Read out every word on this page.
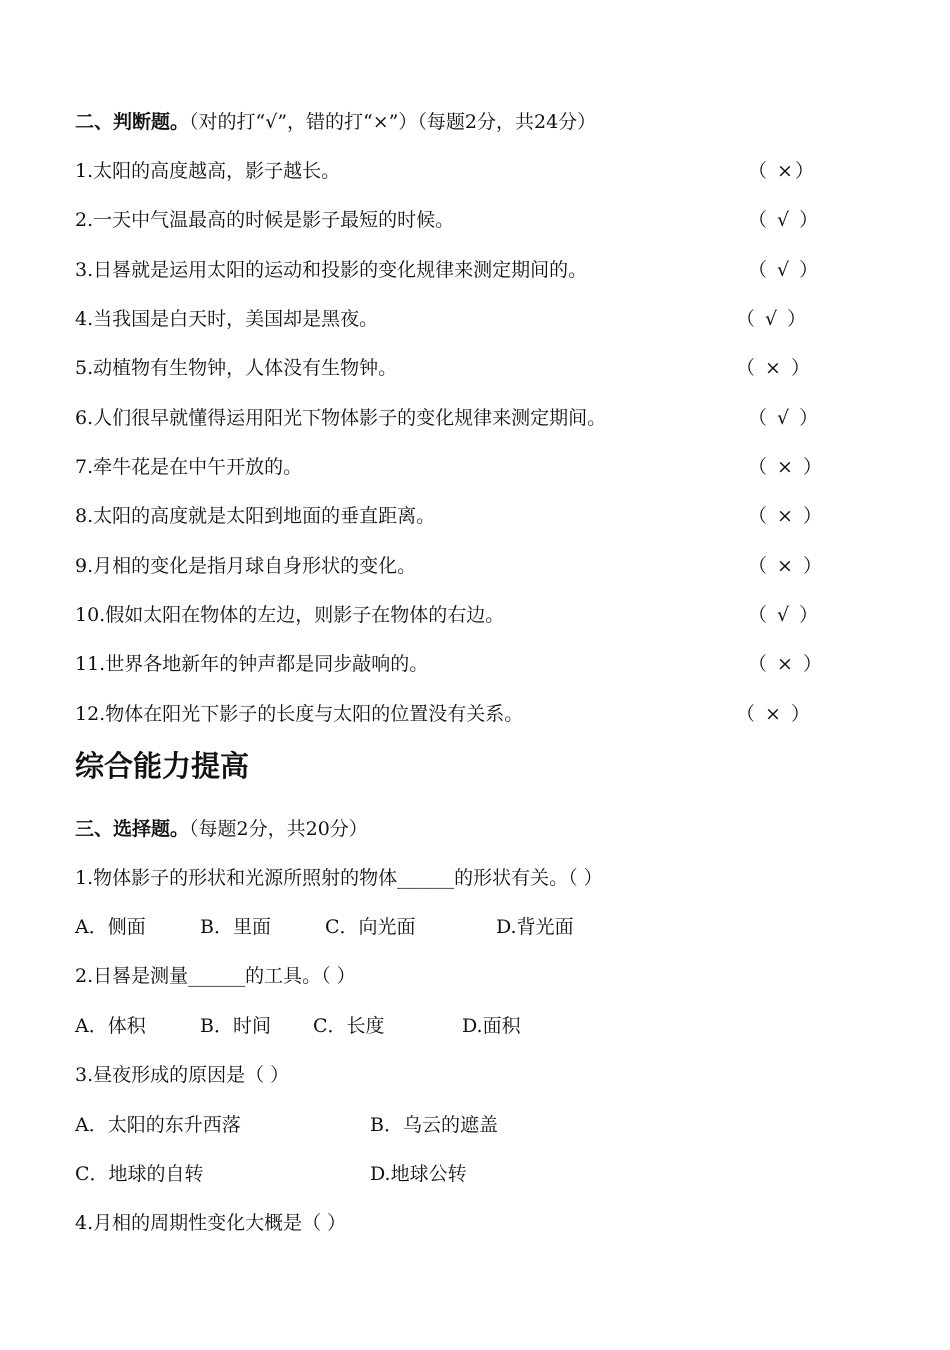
二、判断题。（对的打“√”，错的打“×”）（每题2分，共24分）
1.太阳的高度越高，影子越长。	（ ×）
2.一天中气温最高的时候是影子最短的时候。	（ √ ）
3.日晷就是运用太阳的运动和投影的变化规律来测定期间的。	（ √ ）
4.当我国是白天时，美国却是黑夜。	（ √ ）
5.动植物有生物钟，人体没有生物钟。	（ × ）
6.人们很早就懂得运用阳光下物体影子的变化规律来测定期间。	（ √ ）
7.牵牛花是在中午开放的。	（ × ）
8.太阳的高度就是太阳到地面的垂直距离。	（ × ）
9.月相的变化是指月球自身形状的变化。	（ × ）
10.假如太阳在物体的左边，则影子在物体的右边。	（ √ ）
11.世界各地新年的钟声都是同步敲响的。	（ × ）
12.物体在阳光下影子的长度与太阳的位置没有关系。	（ × ）
综合能力提高
三、选择题。（每题2分，共20分）
1.物体影子的形状和光源所照射的物体______的形状有关。（ ）
A．侧面	B．里面	C．向光面	D.背光面
2.日晷是测量______的工具。（ ）
A．体积	B．时间 C．长度	D.面积
3.昼夜形成的原因是（ ）
A．太阳的东升西落	B．乌云的遮盖
C．地球的自转	D.地球公转
4.月相的周期性变化大概是（ ）
